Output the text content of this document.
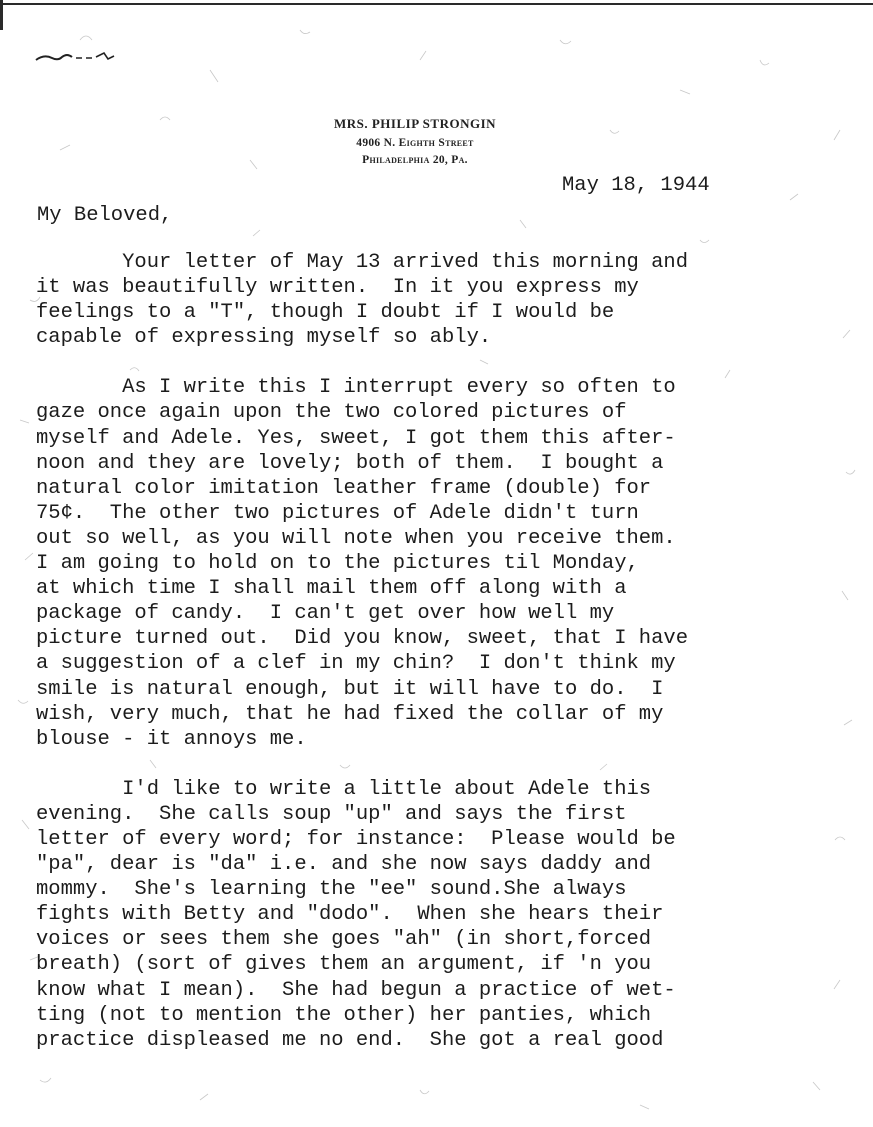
MRS. PHILIP STRONGIN
4906 N. Eighth Street
Philadelphia 20, Pa.
May 18, 1944
My Beloved,
Your letter of May 13 arrived this morning and
it was beautifully written.  In it you express my
feelings to a "T", though I doubt if I would be
capable of expressing myself so ably.
As I write this I interrupt every so often to
gaze once again upon the two colored pictures of
myself and Adele. Yes, sweet, I got them this after-
noon and they are lovely; both of them.  I bought a
natural color imitation leather frame (double) for
75¢.  The other two pictures of Adele didn't turn
out so well, as you will note when you receive them.
I am going to hold on to the pictures til Monday,
at which time I shall mail them off along with a
package of candy.  I can't get over how well my
picture turned out.  Did you know, sweet, that I have
a suggestion of a clef in my chin?  I don't think my
smile is natural enough, but it will have to do.  I
wish, very much, that he had fixed the collar of my
blouse - it annoys me.
I'd like to write a little about Adele this
evening.  She calls soup "up" and says the first
letter of every word; for instance:  Please would be
"pa", dear is "da" i.e. and she now says daddy and
mommy.  She's learning the "ee" sound.She always
fights with Betty and "dodo".  When she hears their
voices or sees them she goes "ah" (in short,forced
breath) (sort of gives them an argument, if 'n you
know what I mean).  She had begun a practice of wet-
ting (not to mention the other) her panties, which
practice displeased me no end.  She got a real good
